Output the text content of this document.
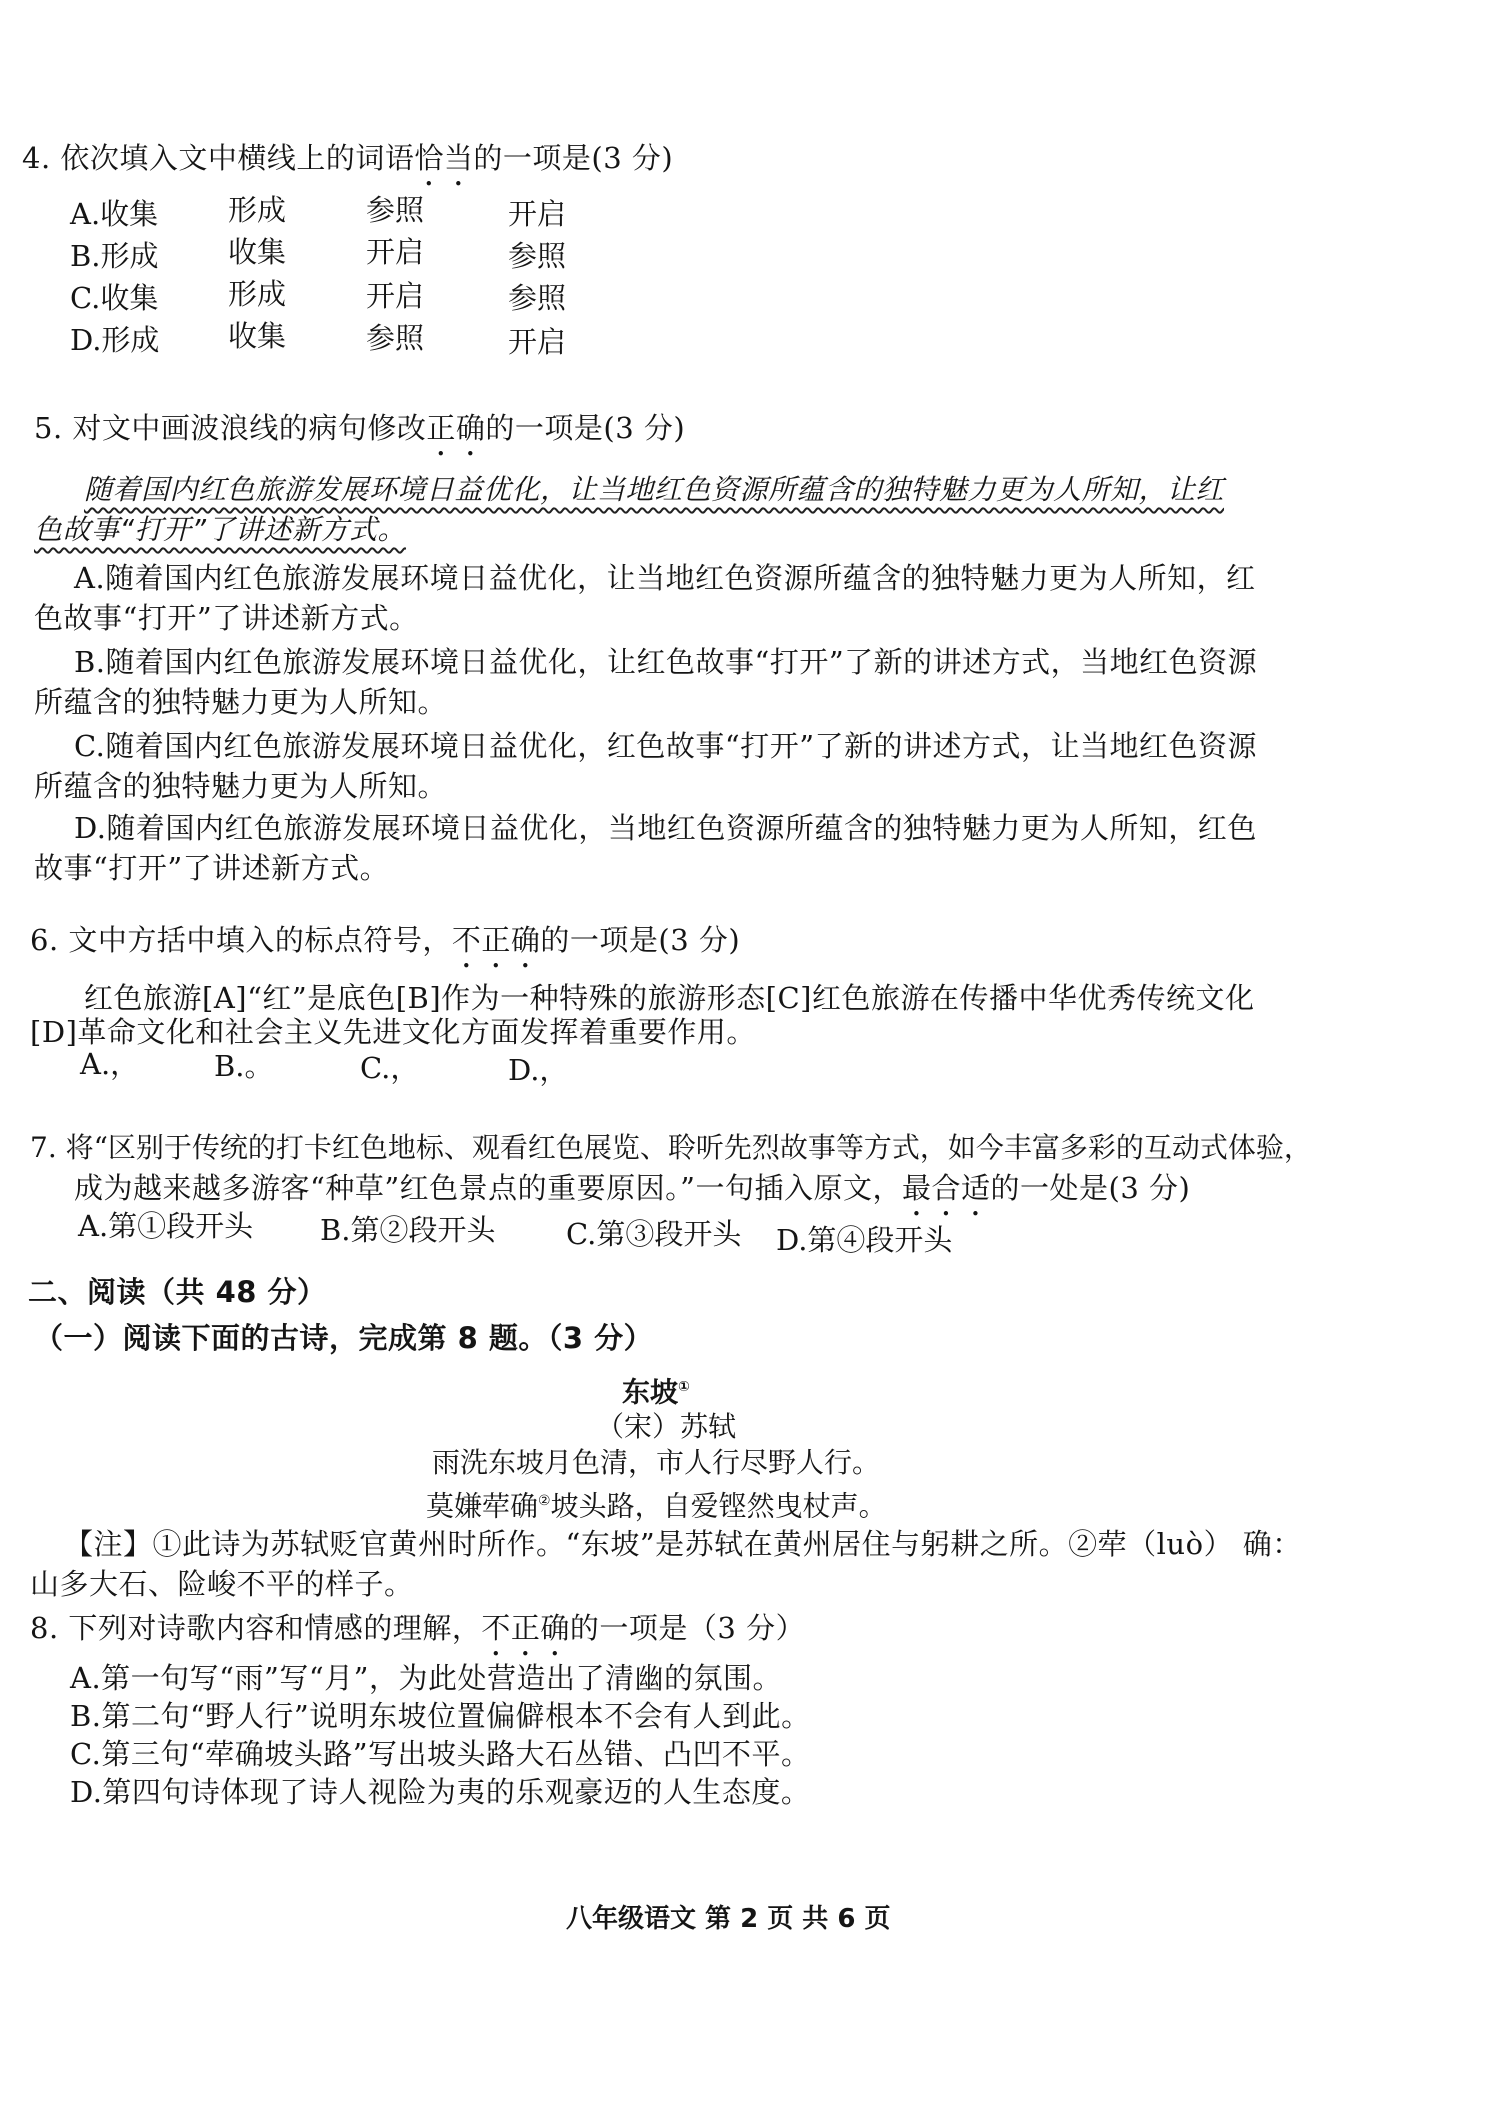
4. 依次填入文中横线上的词语恰当的一项是(3 分)
A.收集 形成	参照	开启
B.形成 收集	开启	参照
C.收集 形成	开启	参照
D.形成 收集	参照	开启
5. 对文中画波浪线的病句修改正确的一项是(3 分)
随着国内红色旅游发展环境日益优化，让当地红色资源所蕴含的独特魅力更为人所知，让红
色故事“打开”了讲述新方式。
A.随着国内红色旅游发展环境日益优化，让当地红色资源所蕴含的独特魅力更为人所知，红
色故事“打开”了讲述新方式。
B.随着国内红色旅游发展环境日益优化，让红色故事“打开”了新的讲述方式，当地红色资源
所蕴含的独特魅力更为人所知。
C.随着国内红色旅游发展环境日益优化，红色故事“打开”了新的讲述方式，让当地红色资源
所蕴含的独特魅力更为人所知。
D.随着国内红色旅游发展环境日益优化，当地红色资源所蕴含的独特魅力更为人所知，红色
故事“打开”了讲述新方式。
6. 文中方括中填入的标点符号，不正确的一项是(3 分)
红色旅游[A]“红”是底色[B]作为一种特殊的旅游形态[C]红色旅游在传播中华优秀传统文化
[D]革命文化和社会主义先进文化方面发挥着重要作用。
A.，	B.。	C.，	D.，
7. 将“区别于传统的打卡红色地标、观看红色展览、聆听先烈故事等方式，如今丰富多彩的互动式体验，
成为越来越多游客“种草”红色景点的重要原因。”一句插入原文，最合适的一处是(3 分)
A.第①段开头 B.第②段开头 C.第③段开头 D.第④段开头
二、阅读（共 48 分）
（一）阅读下面的古诗，完成第 8 题。（3 分）
东坡①
（宋）苏轼
雨洗东坡月色清，市人行尽野人行。
莫嫌荦确②坡头路，自爱铿然曳杖声。
【注】①此诗为苏轼贬官黄州时所作。“东坡”是苏轼在黄州居住与躬耕之所。②荦（luò） 确：
山多大石、险峻不平的样子。
8. 下列对诗歌内容和情感的理解，不正确的一项是（3 分）
A.第一句写“雨”写“月”，为此处营造出了清幽的氛围。
B.第二句“野人行”说明东坡位置偏僻根本不会有人到此。
C.第三句“荦确坡头路”写出坡头路大石丛错、凸凹不平。
D.第四句诗体现了诗人视险为夷的乐观豪迈的人生态度。
八年级语文 第 2 页 共 6 页
